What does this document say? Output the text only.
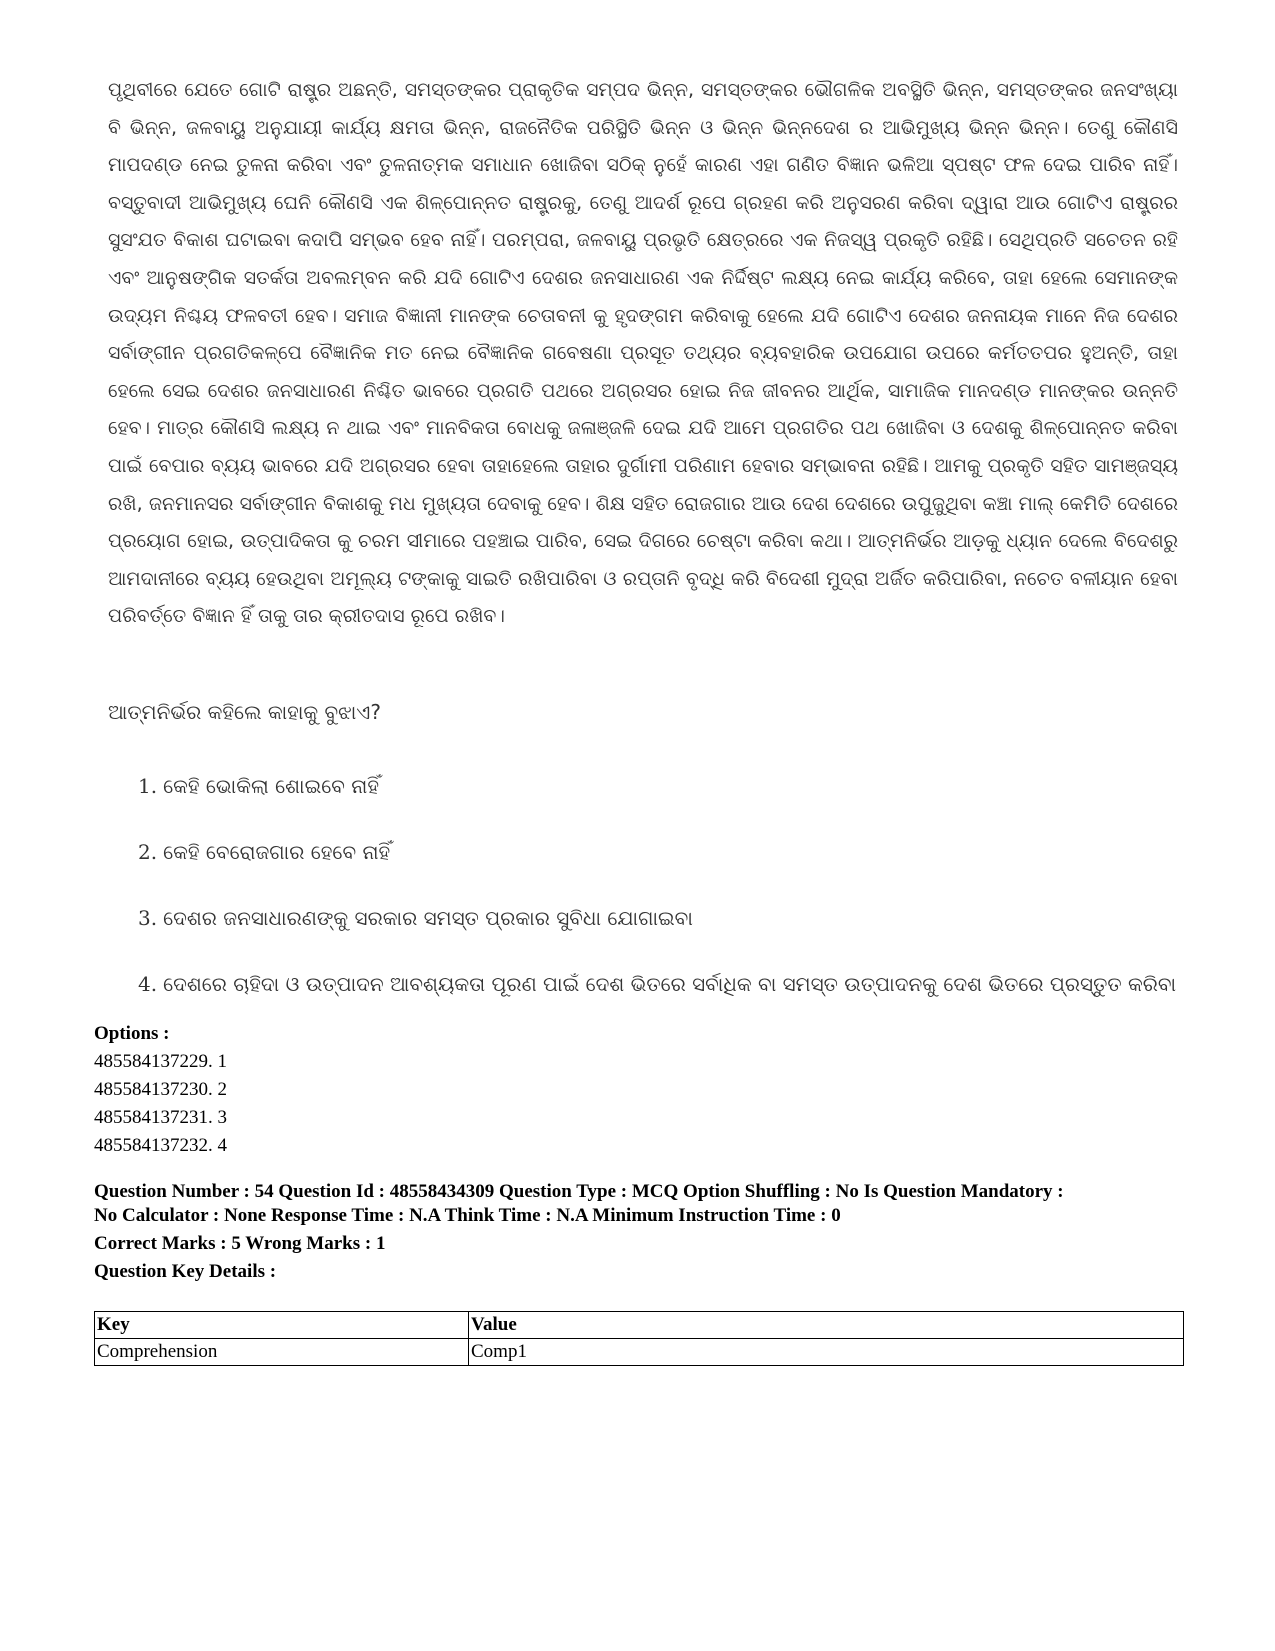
ପୃଥିବୀରେ ଯେତେ ଗୋଟି ରାଷ୍ଟ୍ର ଅଛନ୍ତି, ସମସ୍ତଙ୍କର ପ୍ରାକୃତିକ ସମ୍ପଦ ଭିନ୍ନ, ସମସ୍ତଙ୍କର ଭୌଗଳିକ ଅବସ୍ଥିତି ଭିନ୍ନ, ସମସ୍ତଙ୍କର ଜନସଂଖ୍ୟା ବି ଭିନ୍ନ, ଜଳବାୟୁ ଅନୁଯାୟୀ କାର୍ଯ୍ୟ କ୍ଷମତା ଭିନ୍ନ, ରାଜନୈତିକ ପରିସ୍ଥିତି ଭିନ୍ନ ଓ ଭିନ୍ନ ଭିନ୍ନଦେଶ ର ଆଭିମୁଖ୍ୟ ଭିନ୍ନ ଭିନ୍ନ। ତେଣୁ କୌଣସି ମାପଦଣ୍ଡ ନେଇ ତୁଳନା କରିବା ଏବଂ ତୁଳନାତ୍ମକ ସମାଧାନ ଖୋଜିବା ସଠିକ୍ ନୁହେଁ କାରଣ ଏହା ଗଣିତ ବିଜ୍ଞାନ ଭଳିଆ ସ୍ପଷ୍ଟ ଫଳ ଦେଇ ପାରିବ ନାହିଁ। ବସ୍ତୁବାଦୀ ଆଭିମୁଖ୍ୟ ଘେନି କୌଣସି ଏକ ଶିଳ୍ପୋନ୍ନତ ରାଷ୍ଟ୍ରକୁ, ତେଣୁ ଆଦର୍ଶ ରୂପେ ଗ୍ରହଣ କରି ଅନୁସରଣ କରିବା ଦ୍ୱାରା ଆଉ ଗୋଟିଏ ରାଷ୍ଟ୍ରର ସୁସଂଯତ ବିକାଶ ଘଟାଇବା କଦାପି ସମ୍ଭବ ହେବ ନାହିଁ। ପରମ୍ପରା, ଜଳବାୟୁ ପ୍ରଭୃତି କ୍ଷେତ୍ରରେ ଏକ ନିଜସ୍ୱ ପ୍ରକୃତି ରହିଛି। ସେଥିପ୍ରତି ସଚେତନ ରହି ଏବଂ ଆନୁଷଙ୍ଗିକ ସତର୍କତା ଅବଲମ୍ବନ କରି ଯଦି ଗୋଟିଏ ଦେଶର ଜନସାଧାରଣ ଏକ ନିର୍ଦ୍ଦିଷ୍ଟ ଲକ୍ଷ୍ୟ ନେଇ କାର୍ଯ୍ୟ କରିବେ, ତାହା ହେଲେ ସେମାନଙ୍କ ଉଦ୍ୟମ ନିଶ୍ଚୟ ଫଳବତୀ ହେବ। ସମାଜ ବିଜ୍ଞାନୀ ମାନଙ୍କ ଚେତାବନୀ କୁ ହୃଦଙ୍ଗମ କରିବାକୁ ହେଲେ ଯଦି ଗୋଟିଏ ଦେଶର ଜନନାୟକ ମାନେ ନିଜ ଦେଶର ସର୍ବାଙ୍ଗୀନ ପ୍ରଗତିକଳ୍ପେ ବୈଜ୍ଞାନିକ ମତ ନେଇ ବୈଜ୍ଞାନିକ ଗବେଷଣା ପ୍ରସୂତ ତଥ୍ୟର ବ୍ୟବହାରିକ ଉପଯୋଗ ଉପରେ କର୍ମତତପର ହୁଅନ୍ତି, ତାହା ହେଲେ ସେଇ ଦେଶର ଜନସାଧାରଣ ନିଶ୍ଚିତ ଭାବରେ ପ୍ରଗତି ପଥରେ ଅଗ୍ରସର ହୋଇ ନିଜ ଜୀବନର ଆର୍ଥିକ, ସାମାଜିକ ମାନଦଣ୍ଡ ମାନଙ୍କର ଉନ୍ନତି ହେବ। ମାତ୍ର କୌଣସି ଲକ୍ଷ୍ୟ ନ ଥାଇ ଏବଂ ମାନବିକତା ବୋଧକୁ ଜଳାଞ୍ଜଳି ଦେଇ ଯଦି ଆମେ ପ୍ରଗତିର ପଥ ଖୋଜିବା ଓ ଦେଶକୁ ଶିଳ୍ପୋନ୍ନତ କରିବା ପାଇଁ ବେପାର ବ୍ୟୟ ଭାବରେ ଯଦି ଅଗ୍ରସର ହେବା ତାହାହେଲେ ତାହାର ଦୁର୍ଗାମୀ ପରିଣାମ ହେବାର ସମ୍ଭାବନା ରହିଛି। ଆମକୁ ପ୍ରକୃତି ସହିତ ସାମଞ୍ଜସ୍ୟ ରଖି, ଜନମାନସର ସର୍ବାଙ୍ଗୀନ ବିକାଶକୁ ମଧ ମୁଖ୍ୟତା ଦେବାକୁ ହେବ। ଶିକ୍ଷ ସହିତ ରୋଜଗାର ଆଉ ଦେଶ ଦେଶରେ ଉପୁଜୁଥିବା କଞ୍ଚା ମାଲ୍ କେମିତି ଦେଶରେ ପ୍ରୟୋଗ ହୋଇ, ଉତ୍ପାଦିକତା କୁ ଚରମ ସୀମାରେ ପହଞ୍ଚାଇ ପାରିବ, ସେଇ ଦିଗରେ ଚେଷ୍ଟା କରିବା କଥା। ଆତ୍ମନିର୍ଭର ଆଡ଼କୁ ଧ୍ୟାନ ଦେଲେ ବିଦେଶରୁ ଆମଦାନୀରେ ବ୍ୟୟ ହେଉଥିବା ଅମୂଲ୍ୟ ଟଙ୍କାକୁ ସାଇତି ରଖିପାରିବା ଓ ରପ୍ତାନି ବୃଦ୍ଧି କରି ବିଦେଶୀ ମୁଦ୍ରା ଅର୍ଜିତ କରିପାରିବା, ନଚେତ ବଳୀୟାନ ହେବା ପରିବର୍ତ୍ତେ ବିଜ୍ଞାନ ହିଁ ତାକୁ ତାର କ୍ରୀତଦାସ ରୂପେ ରଖିବ।

ଆତ୍ମନିର୍ଭର କହିଲେ କାହାକୁ ବୁଝାଏ?

1. କେହି ଭୋକିଲା ଶୋଇବେ ନାହିଁ
2. କେହି ବେରୋଜଗାର ହେବେ ନାହିଁ
3. ଦେଶର ଜନସାଧାରଣଙ୍କୁ ସରକାର ସମସ୍ତ ପ୍ରକାର ସୁବିଧା ଯୋଗାଇବା
4. ଦେଶରେ ଚାହିଦା ଓ ଉତ୍ପାଦନ ଆବଶ୍ୟକତା ପୂରଣ ପାଇଁ ଦେଶ ଭିତରେ ସର୍ବାଧିକ ବା ସମସ୍ତ ଉତ୍ପାଦନକୁ ଦେଶ ଭିତରେ ପ୍ରସ୍ତୁତ କରିବା
Options :
485584137229. 1
485584137230. 2
485584137231. 3
485584137232. 4

Question Number : 54 Question Id : 48558434309 Question Type : MCQ Option Shuffling : No Is Question Mandatory :

No Calculator : None Response Time : N.A Think Time : N.A Minimum Instruction Time : 0

Correct Marks : 5 Wrong Marks : 1

Question Key Details :

Key	Value
Comprehension	Comp1
